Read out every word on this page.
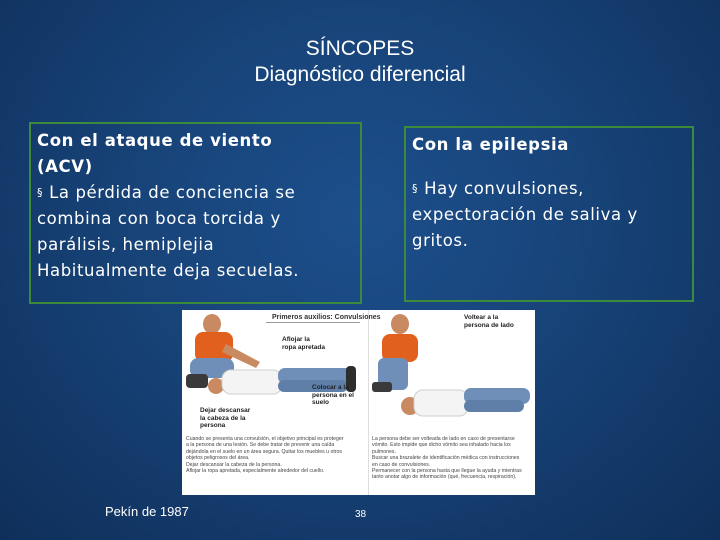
SÍNCOPES
Diagnóstico diferencial
Con el ataque de viento
(ACV)
§ La pérdida de conciencia se
combina con boca torcida y
parálisis, hemiplejia
Habitualmente deja secuelas.
Con la epilepsia
§ Hay convulsiones,
expectoración de saliva y
gritos.
Primeros auxilios: Convulsiones
Aflojar la
ropa apretada
Dejar descansar
la cabeza de la
persona
Colocar a la
persona en el
suelo
Voltear a la
persona de lado
Cuando se presenta una convulsión, el objetivo principal es proteger
a la persona de una lesión. Se debe tratar de prevenir una caída
dejándola en el suelo en un área segura. Quitar los muebles u otros
objetos peligrosos del área.
Dejar descansar la cabeza de la persona.
Aflojar la ropa apretada, especialmente alrededor del cuello.
La persona debe ser volteada de lado en caso de presentarse
vómito. Esto impide que dicho vómito sea inhalado hacia los pulmones.
Buscar una brazalete de identificación médica con instrucciones
en caso de convulsiones.
Permanecer con la persona hasta que llegue la ayuda y mientras
tanto anotar algo de información (qué, frecuencia, respiración).
Pekín de 1987	38
